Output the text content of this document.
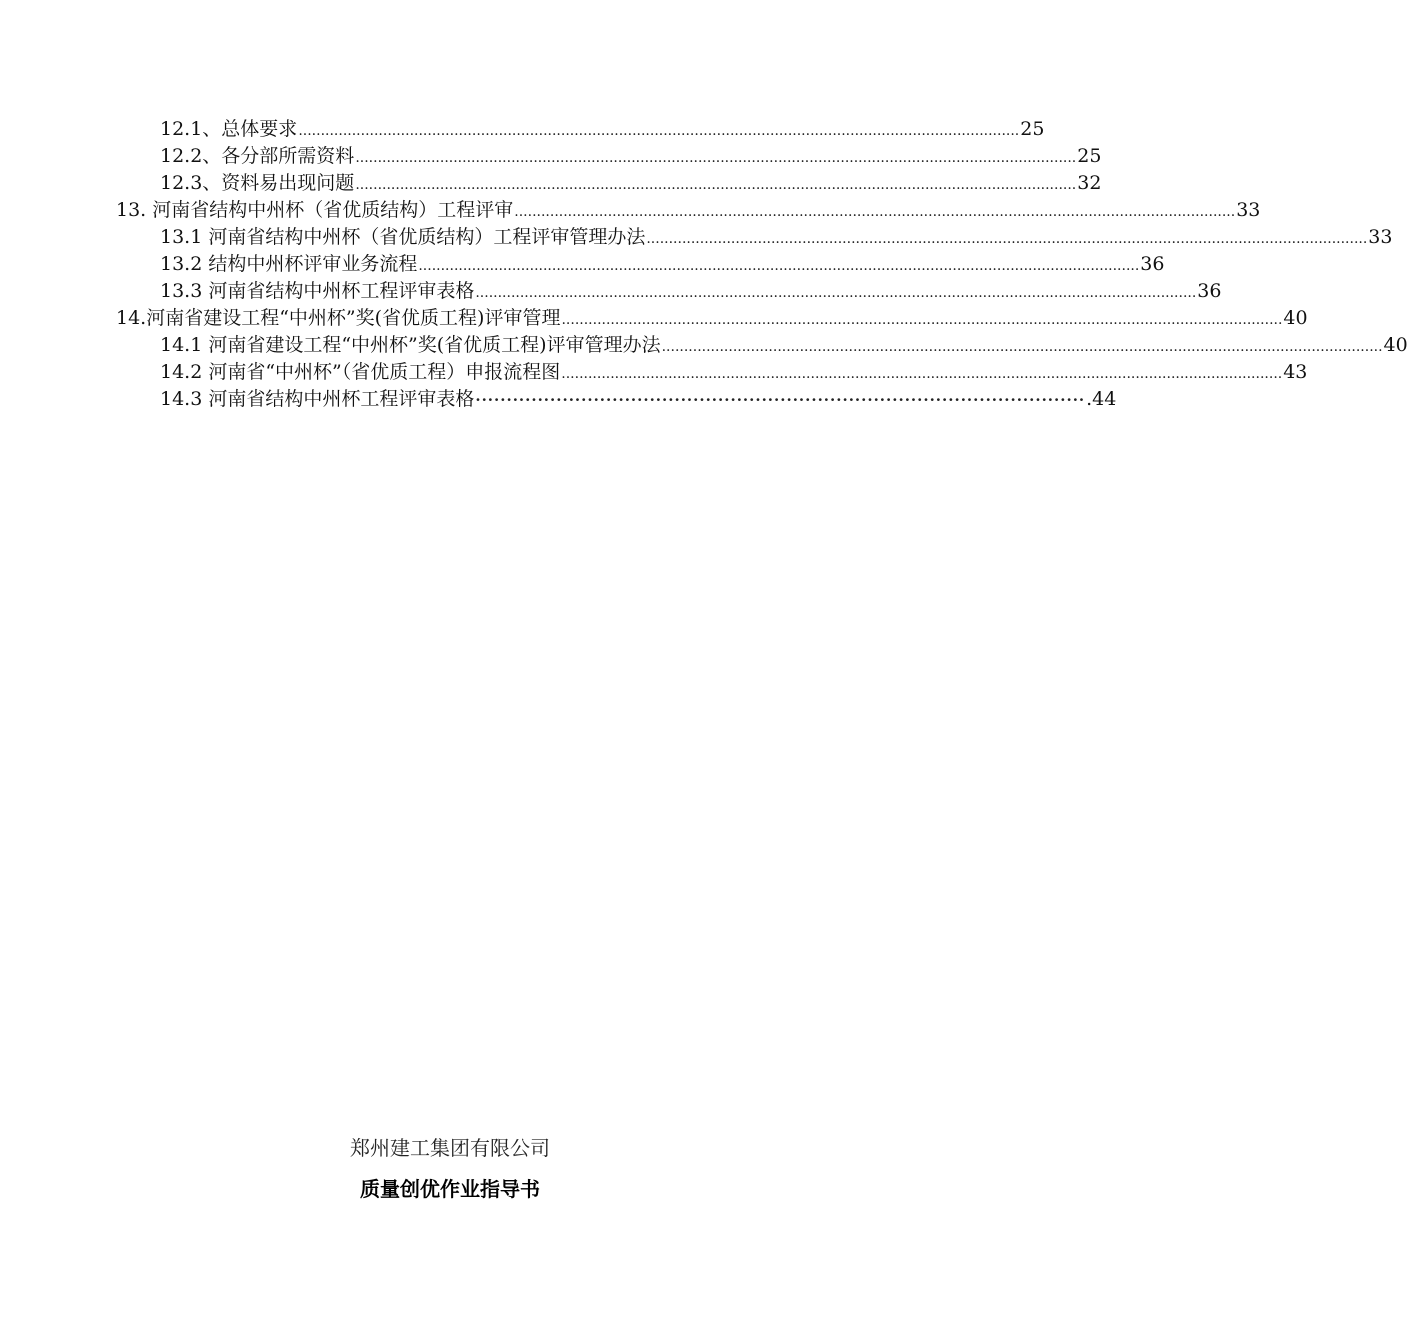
12.1、总体要求 .................................................................................................................................................................. 25
12.2、各分部所需资料 .................................................................................................................................................................. 25
12.3、资料易出现问题 .................................................................................................................................................................. 32
13. 河南省结构中州杯（省优质结构）工程评审 .................................................................................................................................................................. 33
13.1 河南省结构中州杯（省优质结构）工程评审管理办法 .................................................................................................................................................................. 33
13.2 结构中州杯评审业务流程 .................................................................................................................................................................. 36
13.3 河南省结构中州杯工程评审表格 .................................................................................................................................................................. 36
14.河南省建设工程“中州杯”奖(省优质工程)评审管理 .................................................................................................................................................................. 40
14.1 河南省建设工程“中州杯”奖(省优质工程)评审管理办法 .................................................................................................................................................................. 40
14.2 河南省“中州杯”（省优质工程）申报流程图 .................................................................................................................................................................. 43
14.3 河南省结构中州杯工程评审表格 ·································································································· .44
郑州建工集团有限公司
质量创优作业指导书
